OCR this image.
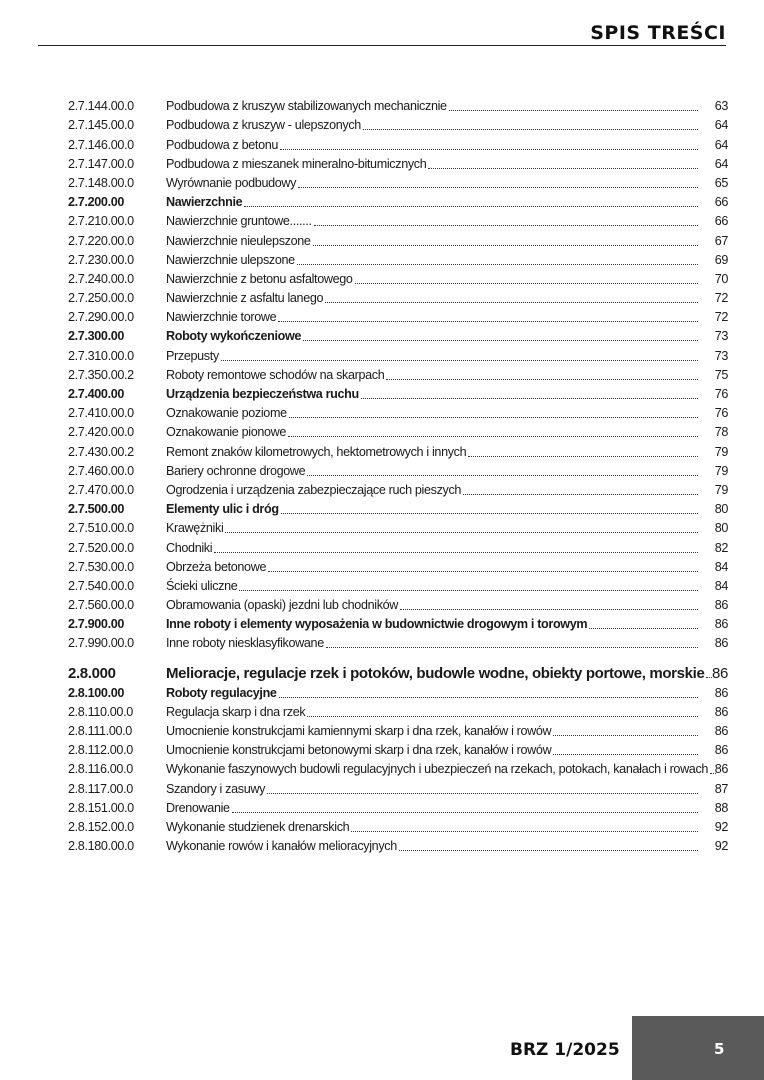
SPIS TREŚCI
2.7.144.00.0	Podbudowa z kruszyw stabilizowanych mechanicznie	63
2.7.145.00.0	Podbudowa z kruszyw - ulepszonych	64
2.7.146.00.0	Podbudowa z betonu	64
2.7.147.00.0	Podbudowa z mieszanek mineralno-bitumicznych	64
2.7.148.00.0	Wyrównanie podbudowy	65
2.7.200.00	Nawierzchnie	66
2.7.210.00.0	Nawierzchnie gruntowe.......	66
2.7.220.00.0	Nawierzchnie nieulepszone	67
2.7.230.00.0	Nawierzchnie ulepszone	69
2.7.240.00.0	Nawierzchnie z betonu asfaltowego	70
2.7.250.00.0	Nawierzchnie z asfaltu lanego	72
2.7.290.00.0	Nawierzchnie torowe	72
2.7.300.00	Roboty wykończeniowe	73
2.7.310.00.0	Przepusty	73
2.7.350.00.2	Roboty remontowe schodów na skarpach	75
2.7.400.00	Urządzenia bezpieczeństwa ruchu	76
2.7.410.00.0	Oznakowanie poziome	76
2.7.420.00.0	Oznakowanie pionowe	78
2.7.430.00.2	Remont znaków kilometrowych, hektometrowych i innych	79
2.7.460.00.0	Bariery ochronne drogowe	79
2.7.470.00.0	Ogrodzenia i urządzenia zabezpieczające ruch pieszych	79
2.7.500.00	Elementy ulic i dróg	80
2.7.510.00.0	Krawężniki	80
2.7.520.00.0	Chodniki	82
2.7.530.00.0	Obrzeża betonowe	84
2.7.540.00.0	Ścieki uliczne	84
2.7.560.00.0	Obramowania (opaski) jezdni lub chodników	86
2.7.900.00	Inne roboty i elementy wyposażenia w budownictwie drogowym i torowym	86
2.7.990.00.0	Inne roboty niesklasyfikowane	86
2.8.000	Melioracje, regulacje rzek i potoków, budowle wodne, obiekty portowe, morskie 86
2.8.100.00	Roboty regulacyjne	86
2.8.110.00.0	Regulacja skarp i dna rzek	86
2.8.111.00.0	Umocnienie konstrukcjami kamiennymi skarp i dna rzek, kanałów i rowów	86
2.8.112.00.0	Umocnienie konstrukcjami betonowymi skarp i dna rzek, kanałów i rowów	86
2.8.116.00.0	Wykonanie faszynowych budowli regulacyjnych i ubezpieczeń na rzekach, potokach, kanałach i rowach 86
2.8.117.00.0	Szandory i zasuwy	87
2.8.151.00.0	Drenowanie	88
2.8.152.00.0	Wykonanie studzienek drenarskich	92
2.8.180.00.0	Wykonanie rowów i kanałów melioracyjnych	92
BRZ 1/2025	5
